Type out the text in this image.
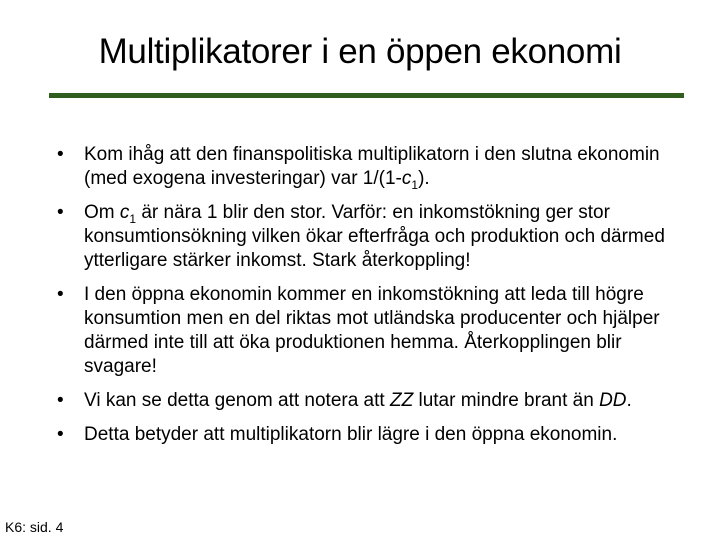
Multiplikatorer i en öppen ekonomi
• Kom ihåg att den finanspolitiska multiplikatorn i den slutna ekonomin (med exogena investeringar) var $1/(1-c_1)$.
• Om $c_1$ är nära 1 blir den stor. Varför: en inkomstökning ger stor konsumtionsökning vilken ökar efterfråga och produktion och därmed ytterligare stärker inkomst. Stark återkoppling!
• I den öppna ekonomin kommer en inkomstökning att leda till högre konsumtion men en del riktas mot utländska producenter och hjälper därmed inte till att öka produktionen hemma. Återkopplingen blir svagare!
• Vi kan se detta genom att notera att ZZ lutar mindre brant än DD.
• Detta betyder att multiplikatorn blir lägre i den öppna ekonomin.
K6: sid. 4
